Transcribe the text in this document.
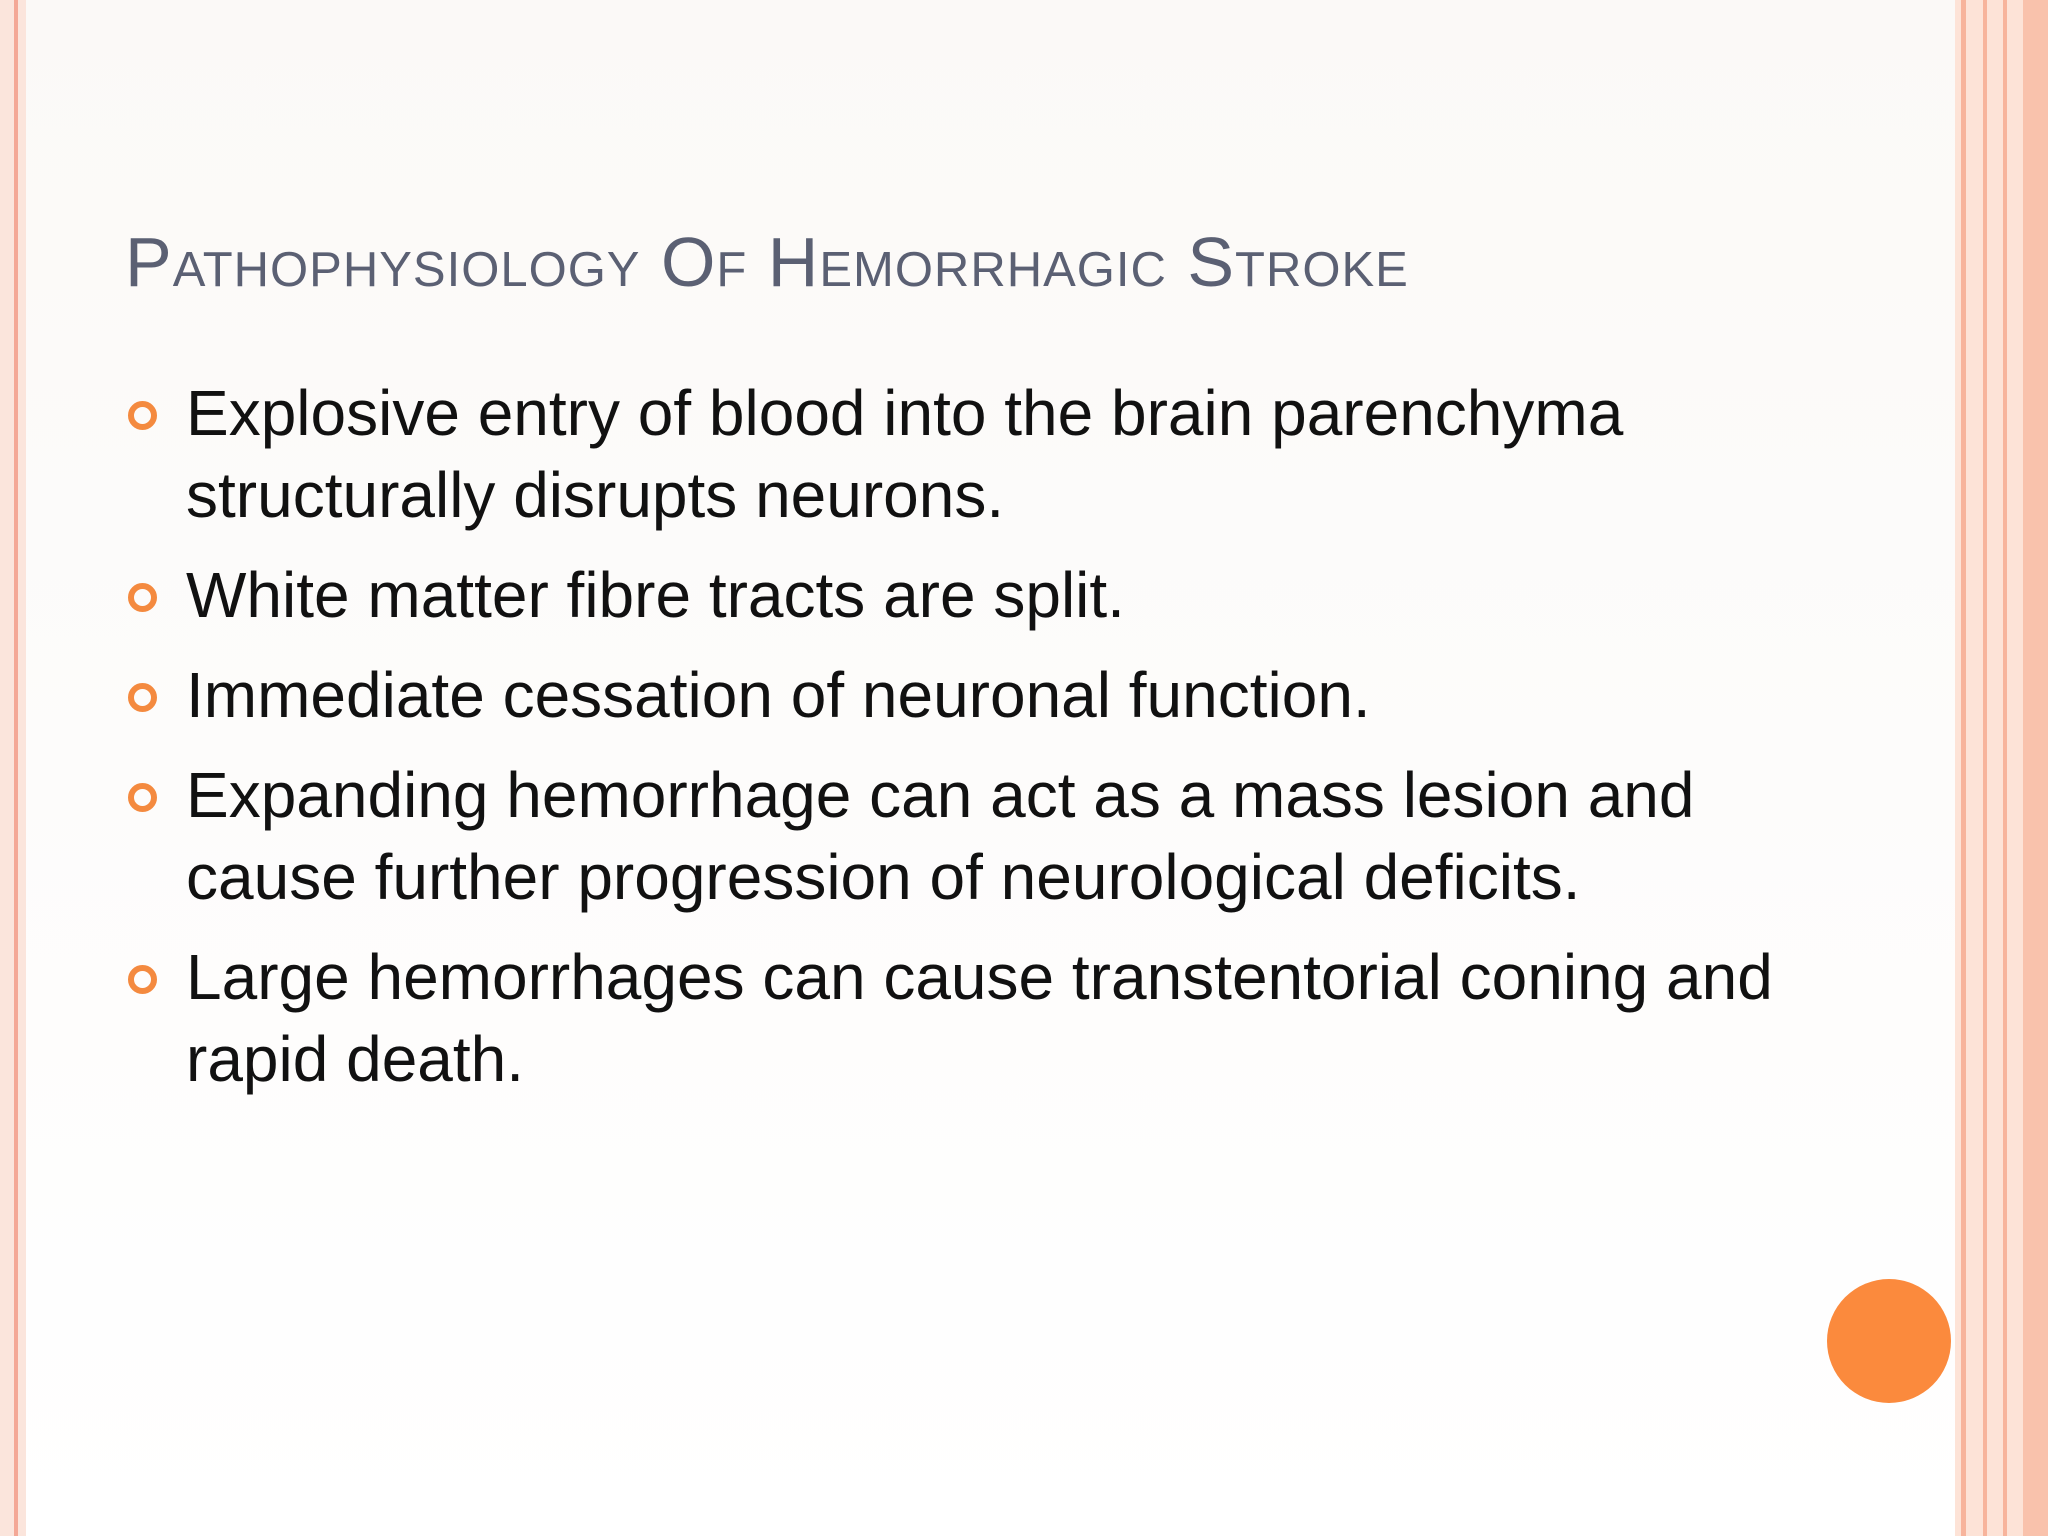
Pathophysiology Of Hemorrhagic Stroke
Explosive entry of blood into the brain parenchyma structurally disrupts neurons.
White matter fibre tracts are split.
Immediate cessation of neuronal function.
Expanding hemorrhage can act as a mass lesion and cause further progression of neurological deficits.
Large hemorrhages can cause transtentorial coning and rapid death.
